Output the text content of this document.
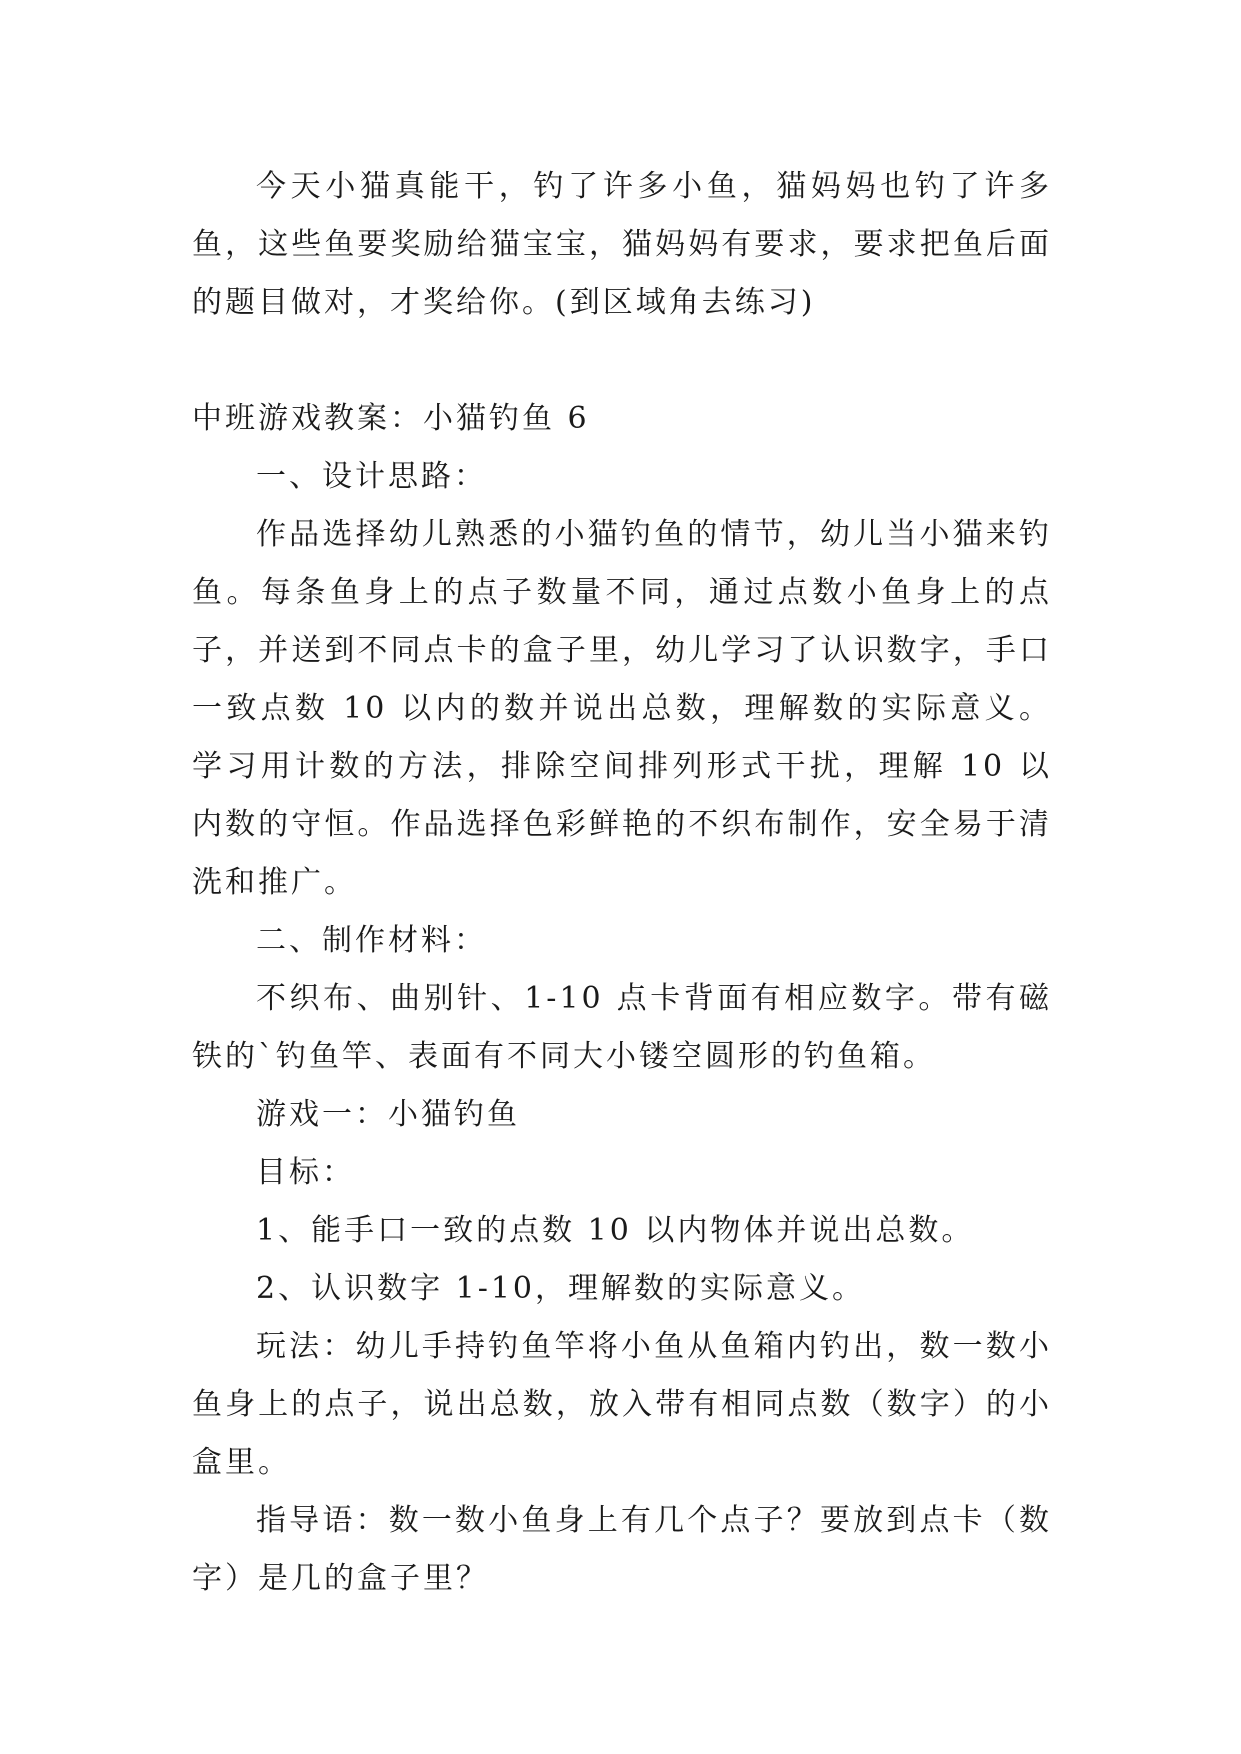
今天小猫真能干，钓了许多小鱼，猫妈妈也钓了许多鱼，这些鱼要奖励给猫宝宝，猫妈妈有要求，要求把鱼后面的题目做对，才奖给你。(到区域角去练习)

中班游戏教案：小猫钓鱼 6

一、设计思路：

作品选择幼儿熟悉的小猫钓鱼的情节，幼儿当小猫来钓鱼。每条鱼身上的点子数量不同，通过点数小鱼身上的点子，并送到不同点卡的盒子里，幼儿学习了认识数字，手口一致点数 10 以内的数并说出总数，理解数的实际意义。学习用计数的方法，排除空间排列形式干扰，理解 10 以内数的守恒。作品选择色彩鲜艳的不织布制作，安全易于清洗和推广。

二、制作材料：

不织布、曲别针、1-10 点卡背面有相应数字。带有磁铁的`钓鱼竿、表面有不同大小镂空圆形的钓鱼箱。

游戏一：小猫钓鱼

目标：

1、能手口一致的点数 10 以内物体并说出总数。

2、认识数字 1-10，理解数的实际意义。

玩法：幼儿手持钓鱼竿将小鱼从鱼箱内钓出，数一数小鱼身上的点子，说出总数，放入带有相同点数（数字）的小盒里。

指导语：数一数小鱼身上有几个点子？要放到点卡（数字）是几的盒子里？
